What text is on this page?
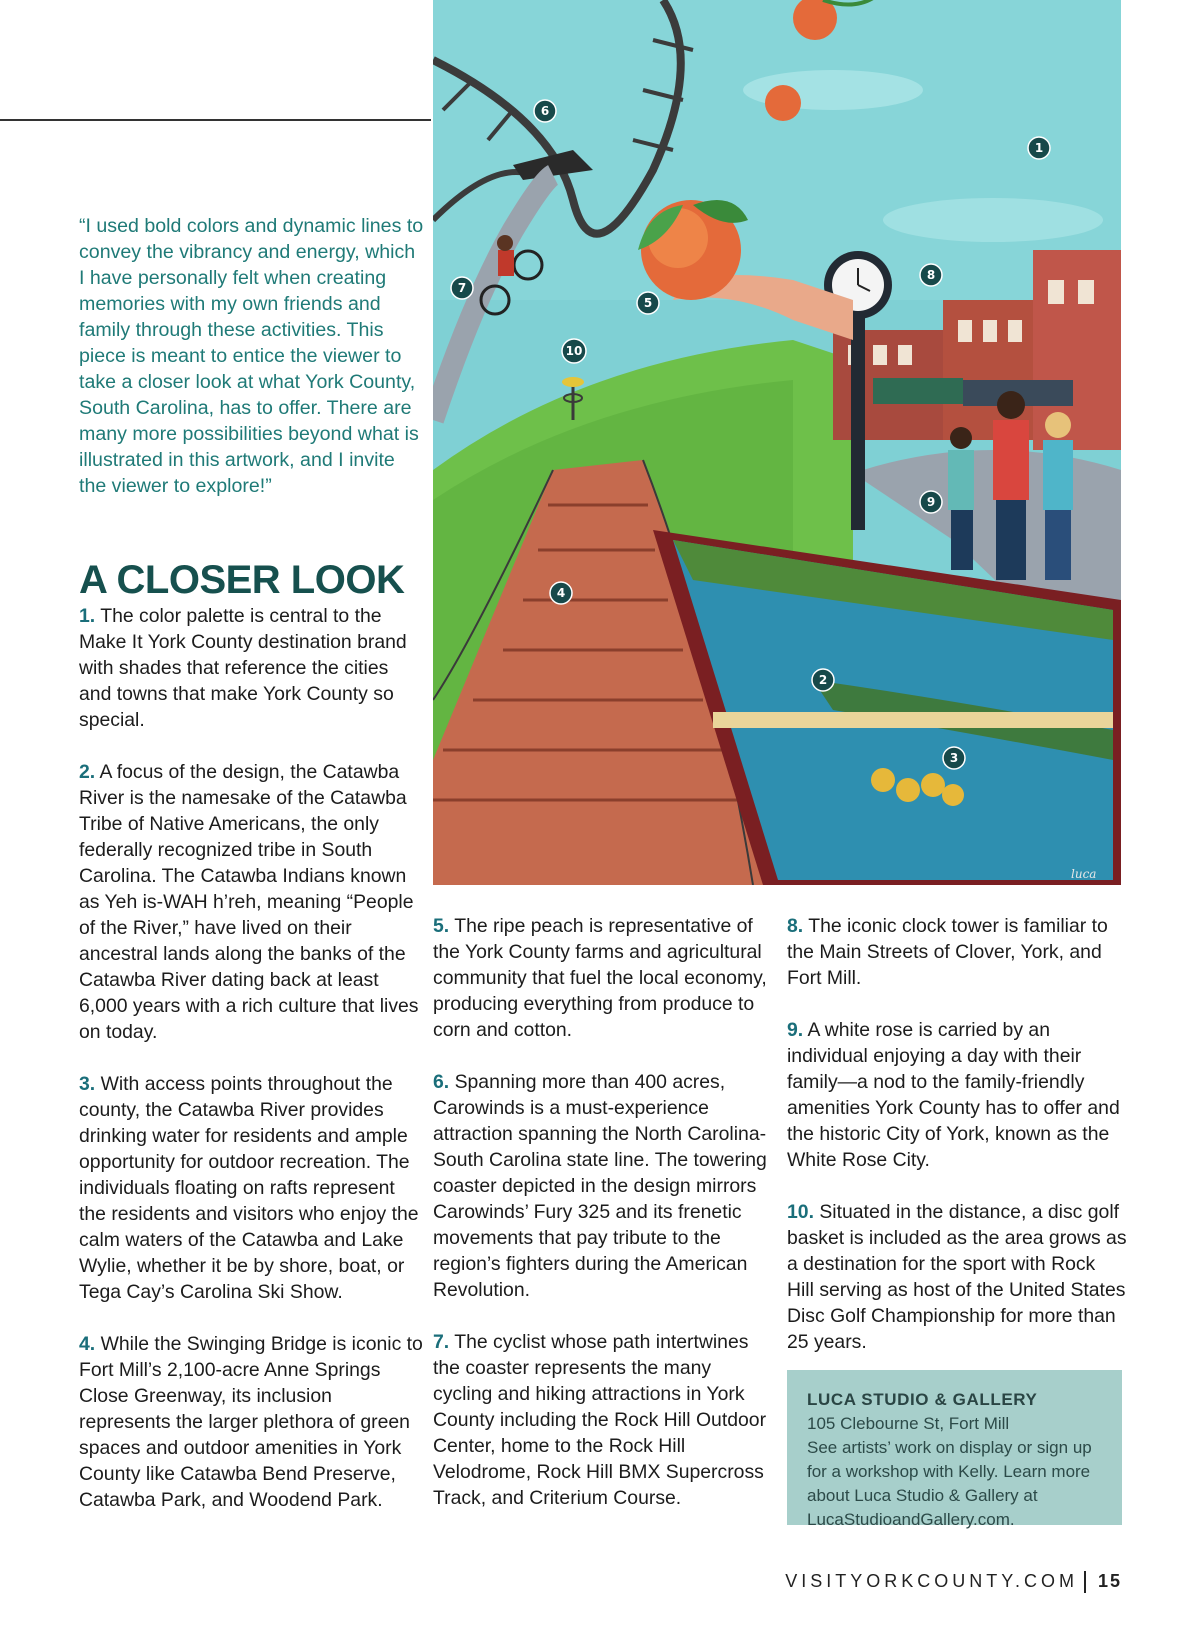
“I used bold colors and dynamic lines to convey the vibrancy and energy, which I have personally felt when creating memories with my own friends and family through these activities. This piece is meant to entice the viewer to take a closer look at what York County, South Carolina, has to offer. There are many more possibilities beyond what is illustrated in this artwork, and I invite the viewer to explore!”
A CLOSER LOOK

1. The color palette is central to the Make It York County destination brand with shades that reference the cities and towns that make York County so special.

2. A focus of the design, the Catawba River is the namesake of the Catawba Tribe of Native Americans, the only federally recognized tribe in South Carolina. The Catawba Indians known as Yeh is-WAH h’reh, meaning “People of the River,” have lived on their ancestral lands along the banks of the Catawba River dating back at least 6,000 years with a rich culture that lives on today.

3. With access points throughout the county, the Catawba River provides drinking water for residents and ample opportunity for outdoor recreation. The individuals floating on rafts represent the residents and visitors who enjoy the calm waters of the Catawba and Lake Wylie, whether it be by shore, boat, or Tega Cay’s Carolina Ski Show.

4. While the Swinging Bridge is iconic to Fort Mill’s 2,100-acre Anne Springs Close Greenway, its inclusion represents the larger plethora of green spaces and outdoor amenities in York County like Catawba Bend Preserve, Catawba Park, and Woodend Park.

5. The ripe peach is representative of the York County farms and agricultural community that fuel the local economy, producing everything from produce to corn and cotton.

6. Spanning more than 400 acres, Carowinds is a must-experience attraction spanning the North Carolina-South Carolina state line. The towering coaster depicted in the design mirrors Carowinds’ Fury 325 and its frenetic movements that pay tribute to the region’s fighters during the American Revolution.

7. The cyclist whose path intertwines the coaster represents the many cycling and hiking attractions in York County including the Rock Hill Outdoor Center, home to the Rock Hill Velodrome, Rock Hill BMX Supercross Track, and Criterium Course.

8. The iconic clock tower is familiar to the Main Streets of Clover, York, and Fort Mill.

9. A white rose is carried by an individual enjoying a day with their family—a nod to the family-friendly amenities York County has to offer and the historic City of York, known as the White Rose City.

10. Situated in the distance, a disc golf basket is included as the area grows as a destination for the sport with Rock Hill serving as host of the United States Disc Golf Championship for more than 25 years.

LUCA STUDIO & GALLERY
105 Clebourne St, Fort Mill
See artists’ work on display or sign up for a workshop with Kelly. Learn more about Luca Studio & Gallery at LucaStudioandGallery.com.
VISITYORKCOUNTY.COM 15
luca
1
2
3
4
5
6
7
8
9
10
